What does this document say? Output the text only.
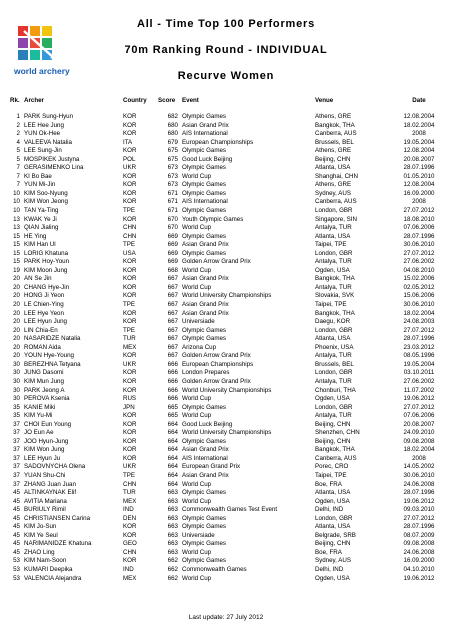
world archery
All - Time Top 100 Performers
70m Ranking Round - INDIVIDUAL
Recurve Women
Rk. Archer	Country Score Event	Venue	Date
1 PARK Sung-Hyun	KOR	682 Olympic Games	Athens, GRE	12.08.2004
2 LEE Hee Jung	KOR	680 Asian Grand Prix	Bangkok, THA	18.02.2004
2 YUN Ok-Hee	KOR	680 AIS International	Canberra, AUS	2008
4 VALEEVA Natalia	ITA	679 European Championships	Brussels, BEL	19.05.2004
5 LEE Sung-Jin	KOR	675 Olympic Games	Athens, GRE	12.08.2004
5 MOSPIKEK Justyna	POL	675 Good Luck Beijing	Beijing, CHN	20.08.2007
7 GERASIMENKO Lina	UKR	673 Olympic Games	Atlanta, USA	28.07.1996
7 KI Bo Bae	KOR	673 World Cup	Shanghai, CHN	01.05.2010
7 YUN Mi-Jin	KOR	673 Olympic Games	Athens, GRE	12.08.2004
10 KIM Soo-Nyung	KOR	671 Olympic Games	Sydney, AUS	16.09.2000
10 KIM Won Jeong	KOR	671 AIS International	Canberra, AUS	2008
10 TAN Ya-Ting	TPE	671 Olympic Games	London, GBR	27.07.2012
13 KWAK Ye Ji	KOR	670 Youth Olympic Games	Singapore, SIN	18.08.2010
13 QIAN Jialing	CHN	670 World Cup	Antalya, TUR	07.06.2006
15 HE Ying	CHN	669 Olympic Games	Atlanta, USA	28.07.1996
15 KIM Han Ul	TPE	669 Asian Grand Prix	Taipei, TPE	30.06.2010
15 LORIG Khatuna	USA	669 Olympic Games	London, GBR	27.07.2012
15 PARK Hoy-Youn	KOR	669 Golden Arrow Grand Prix	Antalya, TUR	27.06.2002
19 KIM Moon Jung	KOR	668 World Cup	Ogden, USA	04.08.2010
20 AN Se Jin	KOR	667 Asian Grand Prix	Bangkok, THA	15.02.2006
20 CHANG Hye-Jin	KOR	667 World Cup	Antalya, TUR	02.05.2012
20 HONG Ji Yeon	KOR	667 World University Championships	Slovakia, SVK	15.06.2006
20 LE Chien-Ying	TPE	667 Asian Grand Prix	Taipei, TPE	30.06.2010
20 LEE Hye Yeon	KOR	667 Asian Grand Prix	Bangkok, THA	18.02.2004
20 LEE Hyun Jung	KOR	667 Universiade	Daegu, KOR	24.08.2003
20 LIN Chia-En	TPE	667 Olympic Games	London, GBR	27.07.2012
20 NASARIDZE Natalia	TUR	667 Olympic Games	Atlanta, USA	28.07.1996
20 ROMAN Aida	MEX	667 Arizona Cup	Phoenix, USA	23.03.2012
20 YOUN Hye-Young	KOR	667 Golden Arrow Grand Prix	Antalya, TUR	08.05.1996
30 BEREZHNA Tetyana	UKR	666 European Championships	Brussels, BEL	19.05.2004
30 JUNG Dasomi	KOR	666 London Prepares	London, GBR	03.10.2011
30 KIM Mun Jung	KOR	666 Golden Arrow Grand Prix	Antalya, TUR	27.06.2002
30 PARK Jeong A	KOR	666 World University Championships	Chonburi, THA	11.07.2002
30 PEROVA Ksenia	RUS	666 World Cup	Ogden, USA	19.06.2012
35 KANIE Miki	JPN	665 Olympic Games	London, GBR	27.07.2012
35 KIM Yu-Mi	KOR	665 World Cup	Antalya, TUR	07.06.2006
37 CHOI Eun Young	KOR	664 Good Luck Beijing	Beijing, CHN	20.08.2007
37 JO Eun Ae	KOR	664 World University Championships	Shenzhen, CHN	24.09.2010
37 JOO Hyun-Jung	KOR	664 Olympic Games	Beijing, CHN	09.08.2008
37 KIM Won Jung	KOR	664 Asian Grand Prix	Bangkok, THA	18.02.2004
37 LEE Hyun Ju	KOR	664 AIS International	Canberra, AUS	2008
37 SADOVNYCHA Olena	UKR	664 European Grand Prix	Porec, CRO	14.05.2002
37 YUAN Shu-Chi	TPE	664 Asian Grand Prix	Taipei, TPE	30.06.2010
37 ZHANG Juan Juan	CHN	664 World Cup	Boe, FRA	24.06.2008
45 ALTINKAYNAK Elif	TUR	663 Olympic Games	Atlanta, USA	28.07.1996
45 AVITIA Mariana	MEX	663 World Cup	Ogden, USA	19.06.2012
45 BURIULY Rimil	IND	663 Commonwealth Games Test Event	Delhi, IND	09.03.2010
45 CHRISTIANSEN Carina	DEN	663 Olympic Games	London, GBR	27.07.2012
45 KIM Jo-Sun	KOR	663 Olympic Games	Atlanta, USA	28.07.1996
45 KIM Ye Seul	KOR	663 Universiade	Belgrade, SRB	08.07.2009
45 NARIMANIDZE Khatuna	GEO	663 Olympic Games	Beijing, CHN	09.08.2008
45 ZHAO Ling	CHN	663 World Cup	Boe, FRA	24.06.2008
53 KIM Nam-Soon	KOR	662 Olympic Games	Sydney, AUS	16.09.2000
53 KUMARI Deepika	IND	662 Commonwealth Games	Delhi, IND	04.10.2010
53 VALENCIA Alejandra	MEX	662 World Cup	Ogden, USA	19.06.2012
Last update: 27 July 2012
